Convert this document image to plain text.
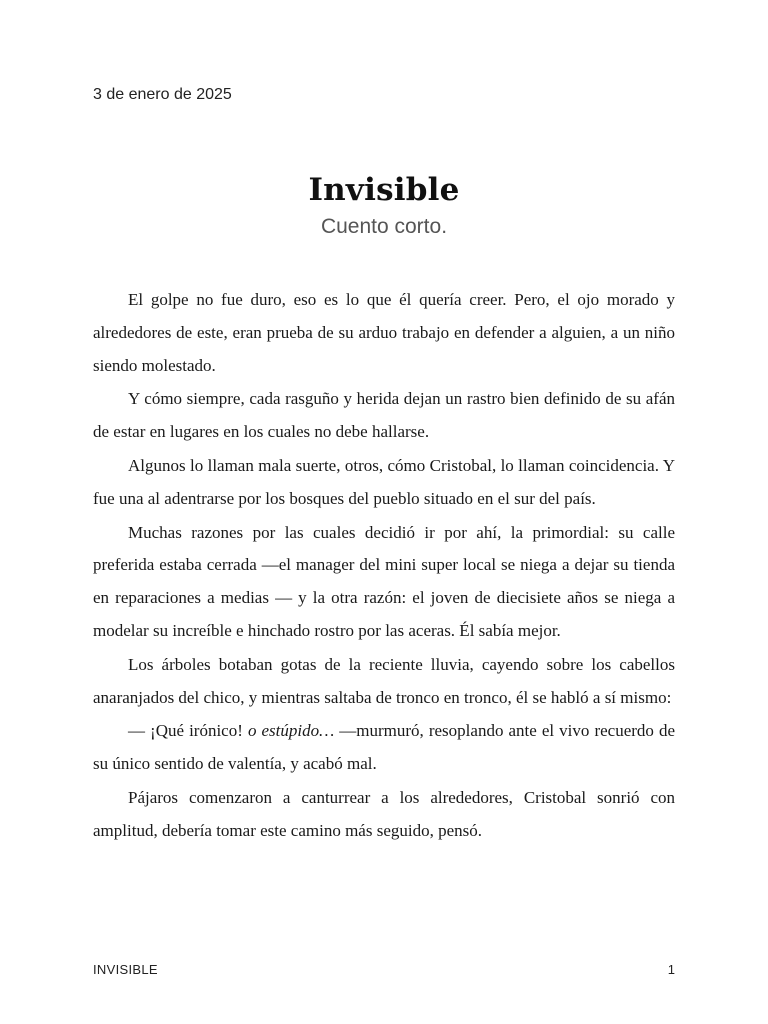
3 de enero de 2025
Invisible
Cuento corto.

El golpe no fue duro, eso es lo que él quería creer. Pero, el ojo morado y alrededores de este, eran prueba de su arduo trabajo en defender a alguien, a un niño siendo molestado.

Y cómo siempre, cada rasguño y herida dejan un rastro bien definido de su afán de estar en lugares en los cuales no debe hallarse.

Algunos lo llaman mala suerte, otros, cómo Cristobal, lo llaman coincidencia. Y fue una al adentrarse por los bosques del pueblo situado en el sur del país.

Muchas razones por las cuales decidió ir por ahí, la primordial: su calle preferida estaba cerrada —el manager del mini super local se niega a dejar su tienda en reparaciones a medias — y la otra razón: el joven de diecisiete años se niega a modelar su increíble e hinchado rostro por las aceras. Él sabía mejor.

Los árboles botaban gotas de la reciente lluvia, cayendo sobre los cabellos anaranjados del chico, y mientras saltaba de tronco en tronco, él se habló a sí mismo:

— ¡Qué irónico! o estúpido… —murmuró, resoplando ante el vivo recuerdo de su único sentido de valentía, y acabó mal.

Pájaros comenzaron a canturrear a los alrededores, Cristobal sonrió con amplitud, debería tomar este camino más seguido, pensó.

INVISIBLE	1
